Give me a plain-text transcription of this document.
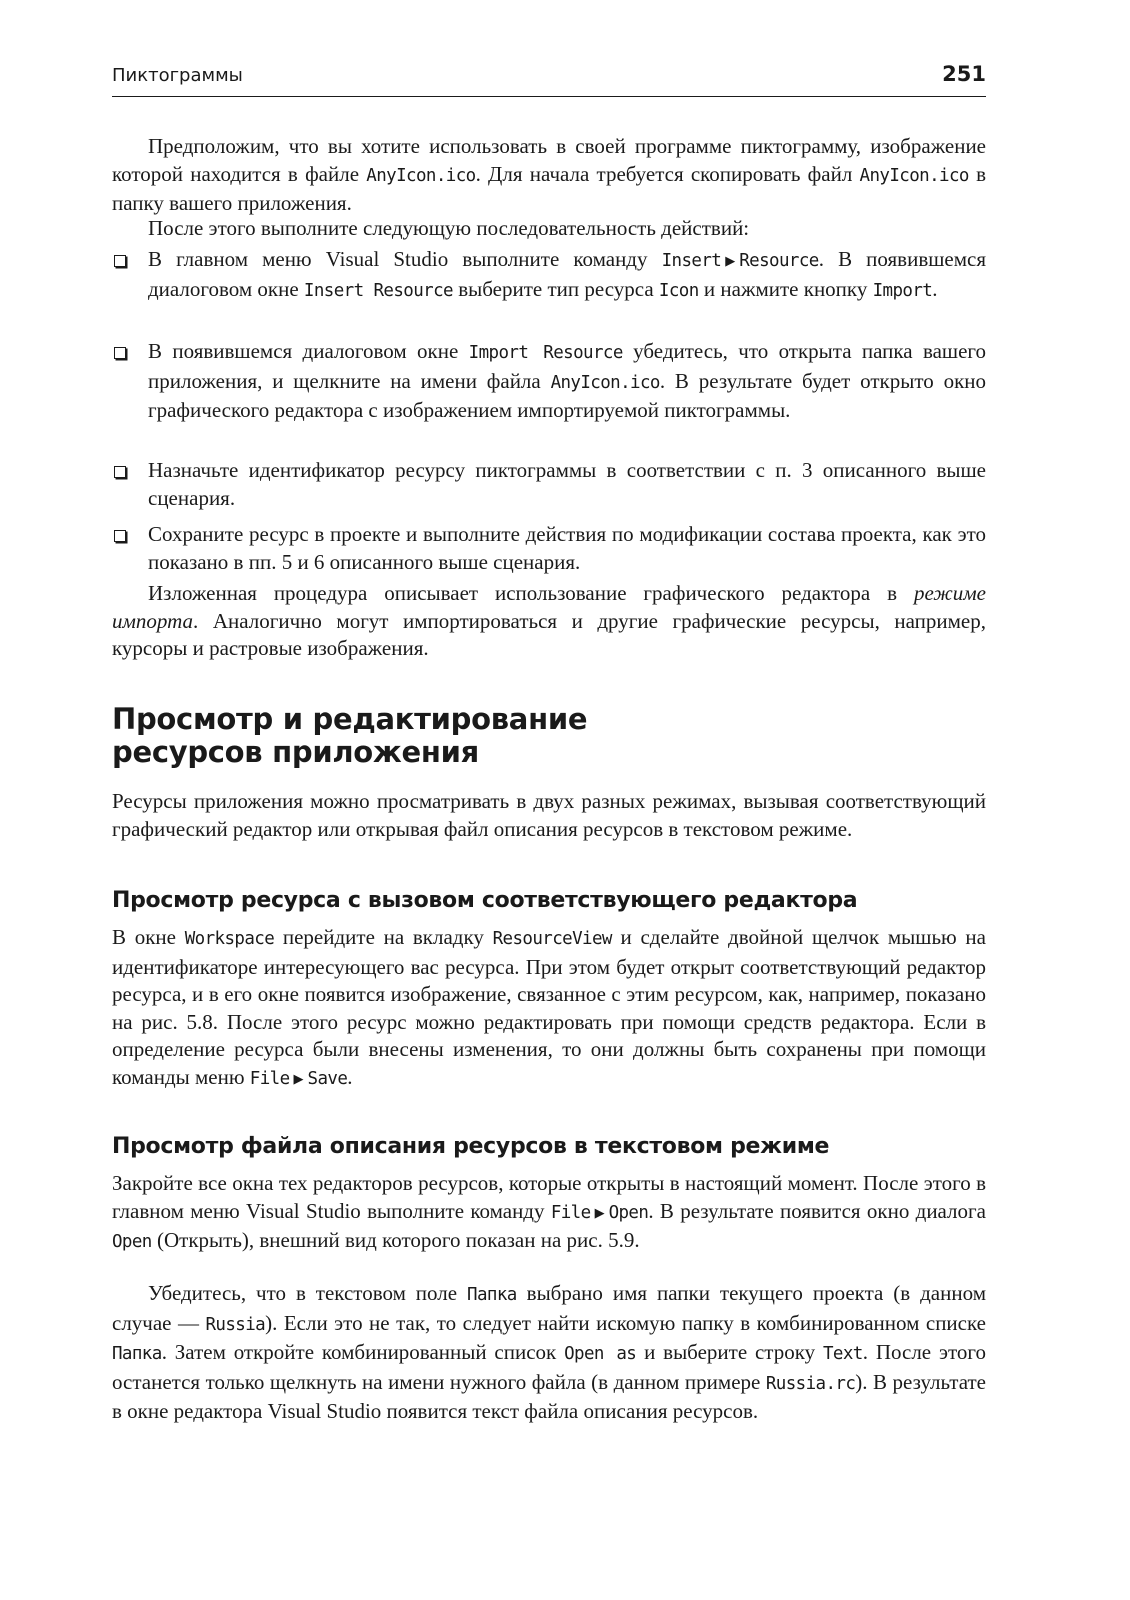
Пиктограммы	251

Предположим, что вы хотите использовать в своей программе пиктограмму, изображение которой находится в файле AnyIcon.ico. Для начала требуется скопировать файл AnyIcon.ico в папку вашего приложения.

После этого выполните следующую последовательность действий:

В главном меню Visual Studio выполните команду Insert ▶ Resource. В появившемся диалоговом окне Insert Resource выберите тип ресурса Icon и нажмите кнопку Import.
В появившемся диалоговом окне Import Resource убедитесь, что открыта папка вашего приложения, и щелкните на имени файла AnyIcon.ico. В результате будет открыто окно графического редактора с изображением импортируемой пиктограммы.
Назначьте идентификатор ресурсу пиктограммы в соответствии с п. 3 описанного выше сценария.
Сохраните ресурс в проекте и выполните действия по модификации состава проекта, как это показано в пп. 5 и 6 описанного выше сценария.

Изложенная процедура описывает использование графического редактора в режиме импорта. Аналогично могут импортироваться и другие графические ресурсы, например, курсоры и растровые изображения.

Просмотр и редактирование
ресурсов приложения

Ресурсы приложения можно просматривать в двух разных режимах, вызывая соответствующий графический редактор или открывая файл описания ресурсов в текстовом режиме.

Просмотр ресурса с вызовом соответствующего редактора

В окне Workspace перейдите на вкладку ResourceView и сделайте двойной щелчок мышью на идентификаторе интересующего вас ресурса. При этом будет открыт соответствующий редактор ресурса, и в его окне появится изображение, связанное с этим ресурсом, как, например, показано на рис. 5.8. После этого ресурс можно редактировать при помощи средств редактора. Если в определение ресурса были внесены изменения, то они должны быть сохранены при помощи команды меню File ▶ Save.

Просмотр файла описания ресурсов в текстовом режиме

Закройте все окна тех редакторов ресурсов, которые открыты в настоящий момент. После этого в главном меню Visual Studio выполните команду File ▶ Open. В результате появится окно диалога Open (Открыть), внешний вид которого показан на рис. 5.9.

Убедитесь, что в текстовом поле Папка выбрано имя папки текущего проекта (в данном случае — Russia). Если это не так, то следует найти искомую папку в комбинированном списке Папка. Затем откройте комбинированный список Open as и выберите строку Text. После этого останется только щелкнуть на имени нужного файла (в данном примере Russia.rc). В результате в окне редактора Visual Studio появится текст файла описания ресурсов.
